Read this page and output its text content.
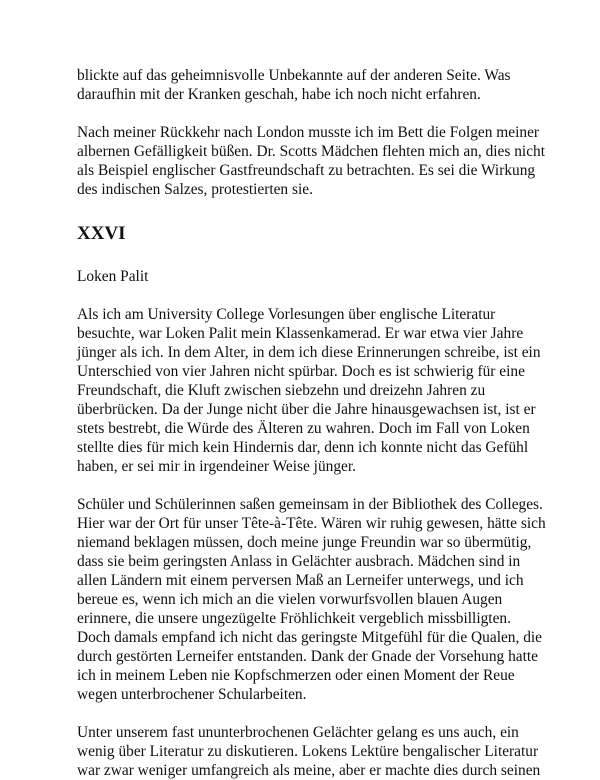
blickte auf das geheimnisvolle Unbekannte auf der anderen Seite. Was
daraufhin mit der Kranken geschah, habe ich noch nicht erfahren.
Nach meiner Rückkehr nach London musste ich im Bett die Folgen meiner
albernen Gefälligkeit büßen. Dr. Scotts Mädchen flehten mich an, dies nicht
als Beispiel englischer Gastfreundschaft zu betrachten. Es sei die Wirkung
des indischen Salzes, protestierten sie.
XXVI
Loken Palit
Als ich am University College Vorlesungen über englische Literatur
besuchte, war Loken Palit mein Klassenkamerad. Er war etwa vier Jahre
jünger als ich. In dem Alter, in dem ich diese Erinnerungen schreibe, ist ein
Unterschied von vier Jahren nicht spürbar. Doch es ist schwierig für eine
Freundschaft, die Kluft zwischen siebzehn und dreizehn Jahren zu
überbrücken. Da der Junge nicht über die Jahre hinausgewachsen ist, ist er
stets bestrebt, die Würde des Älteren zu wahren. Doch im Fall von Loken
stellte dies für mich kein Hindernis dar, denn ich konnte nicht das Gefühl
haben, er sei mir in irgendeiner Weise jünger.
Schüler und Schülerinnen saßen gemeinsam in der Bibliothek des Colleges.
Hier war der Ort für unser Tête-à-Tête. Wären wir ruhig gewesen, hätte sich
niemand beklagen müssen, doch meine junge Freundin war so übermütig,
dass sie beim geringsten Anlass in Gelächter ausbrach. Mädchen sind in
allen Ländern mit einem perversen Maß an Lerneifer unterwegs, und ich
bereue es, wenn ich mich an die vielen vorwurfsvollen blauen Augen
erinnere, die unsere ungezügelte Fröhlichkeit vergeblich missbilligten.
Doch damals empfand ich nicht das geringste Mitgefühl für die Qualen, die
durch gestörten Lerneifer entstanden. Dank der Gnade der Vorsehung hatte
ich in meinem Leben nie Kopfschmerzen oder einen Moment der Reue
wegen unterbrochener Schularbeiten.
Unter unserem fast ununterbrochenen Gelächter gelang es uns auch, ein
wenig über Literatur zu diskutieren. Lokens Lektüre bengalischer Literatur
war zwar weniger umfangreich als meine, aber er machte dies durch seinen
